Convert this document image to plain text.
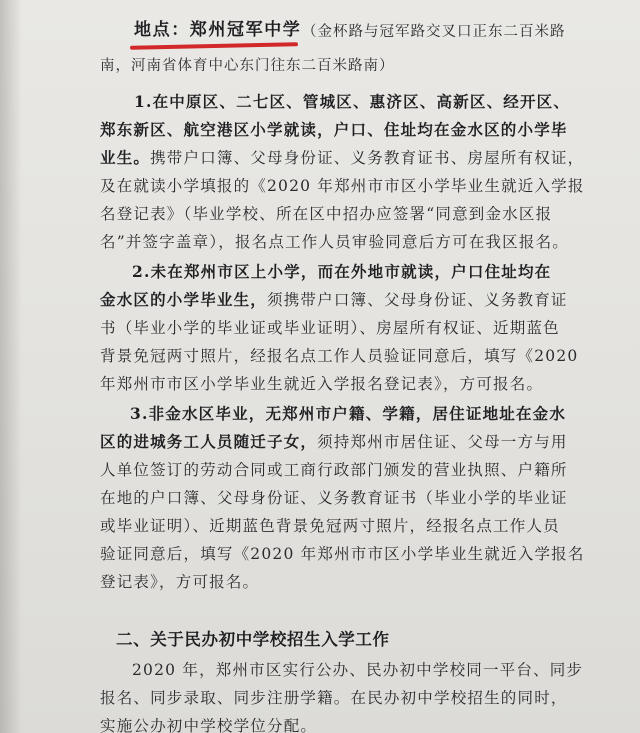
地点：郑州冠军中学 （金杯路与冠军路交叉口正东二百米路
南，河南省体育中心东门往东二百米路南）
1.在中原区、二七区、管城区、惠济区、高新区、经开区、
郑东新区、航空港区小学就读，户口、住址均在金水区的小学毕
业生。携带户口簿、父母身份证、义务教育证书、房屋所有权证，
及在就读小学填报的《2020 年郑州市市区小学毕业生就近入学报
名登记表》（毕业学校、所在区中招办应签署“同意到金水区报
名”并签字盖章），报名点工作人员审验同意后方可在我区报名。
2.未在郑州市区上小学，而在外地市就读，户口住址均在
金水区的小学毕业生，须携带户口簿、父母身份证、义务教育证
书（毕业小学的毕业证或毕业证明）、房屋所有权证、近期蓝色
背景免冠两寸照片，经报名点工作人员验证同意后，填写《2020
年郑州市市区小学毕业生就近入学报名登记表》，方可报名。
3.非金水区毕业，无郑州市户籍、学籍，居住证地址在金水
区的进城务工人员随迁子女，须持郑州市居住证、父母一方与用
人单位签订的劳动合同或工商行政部门颁发的营业执照、户籍所
在地的户口簿、父母身份证、义务教育证书（毕业小学的毕业证
或毕业证明）、近期蓝色背景免冠两寸照片，经报名点工作人员
验证同意后，填写《2020 年郑州市市区小学毕业生就近入学报名
登记表》，方可报名。
二、关于民办初中学校招生入学工作
2020 年，郑州市区实行公办、民办初中学校同一平台、同步
报名、同步录取、同步注册学籍。在民办初中学校招生的同时，
实施公办初中学校学位分配。
